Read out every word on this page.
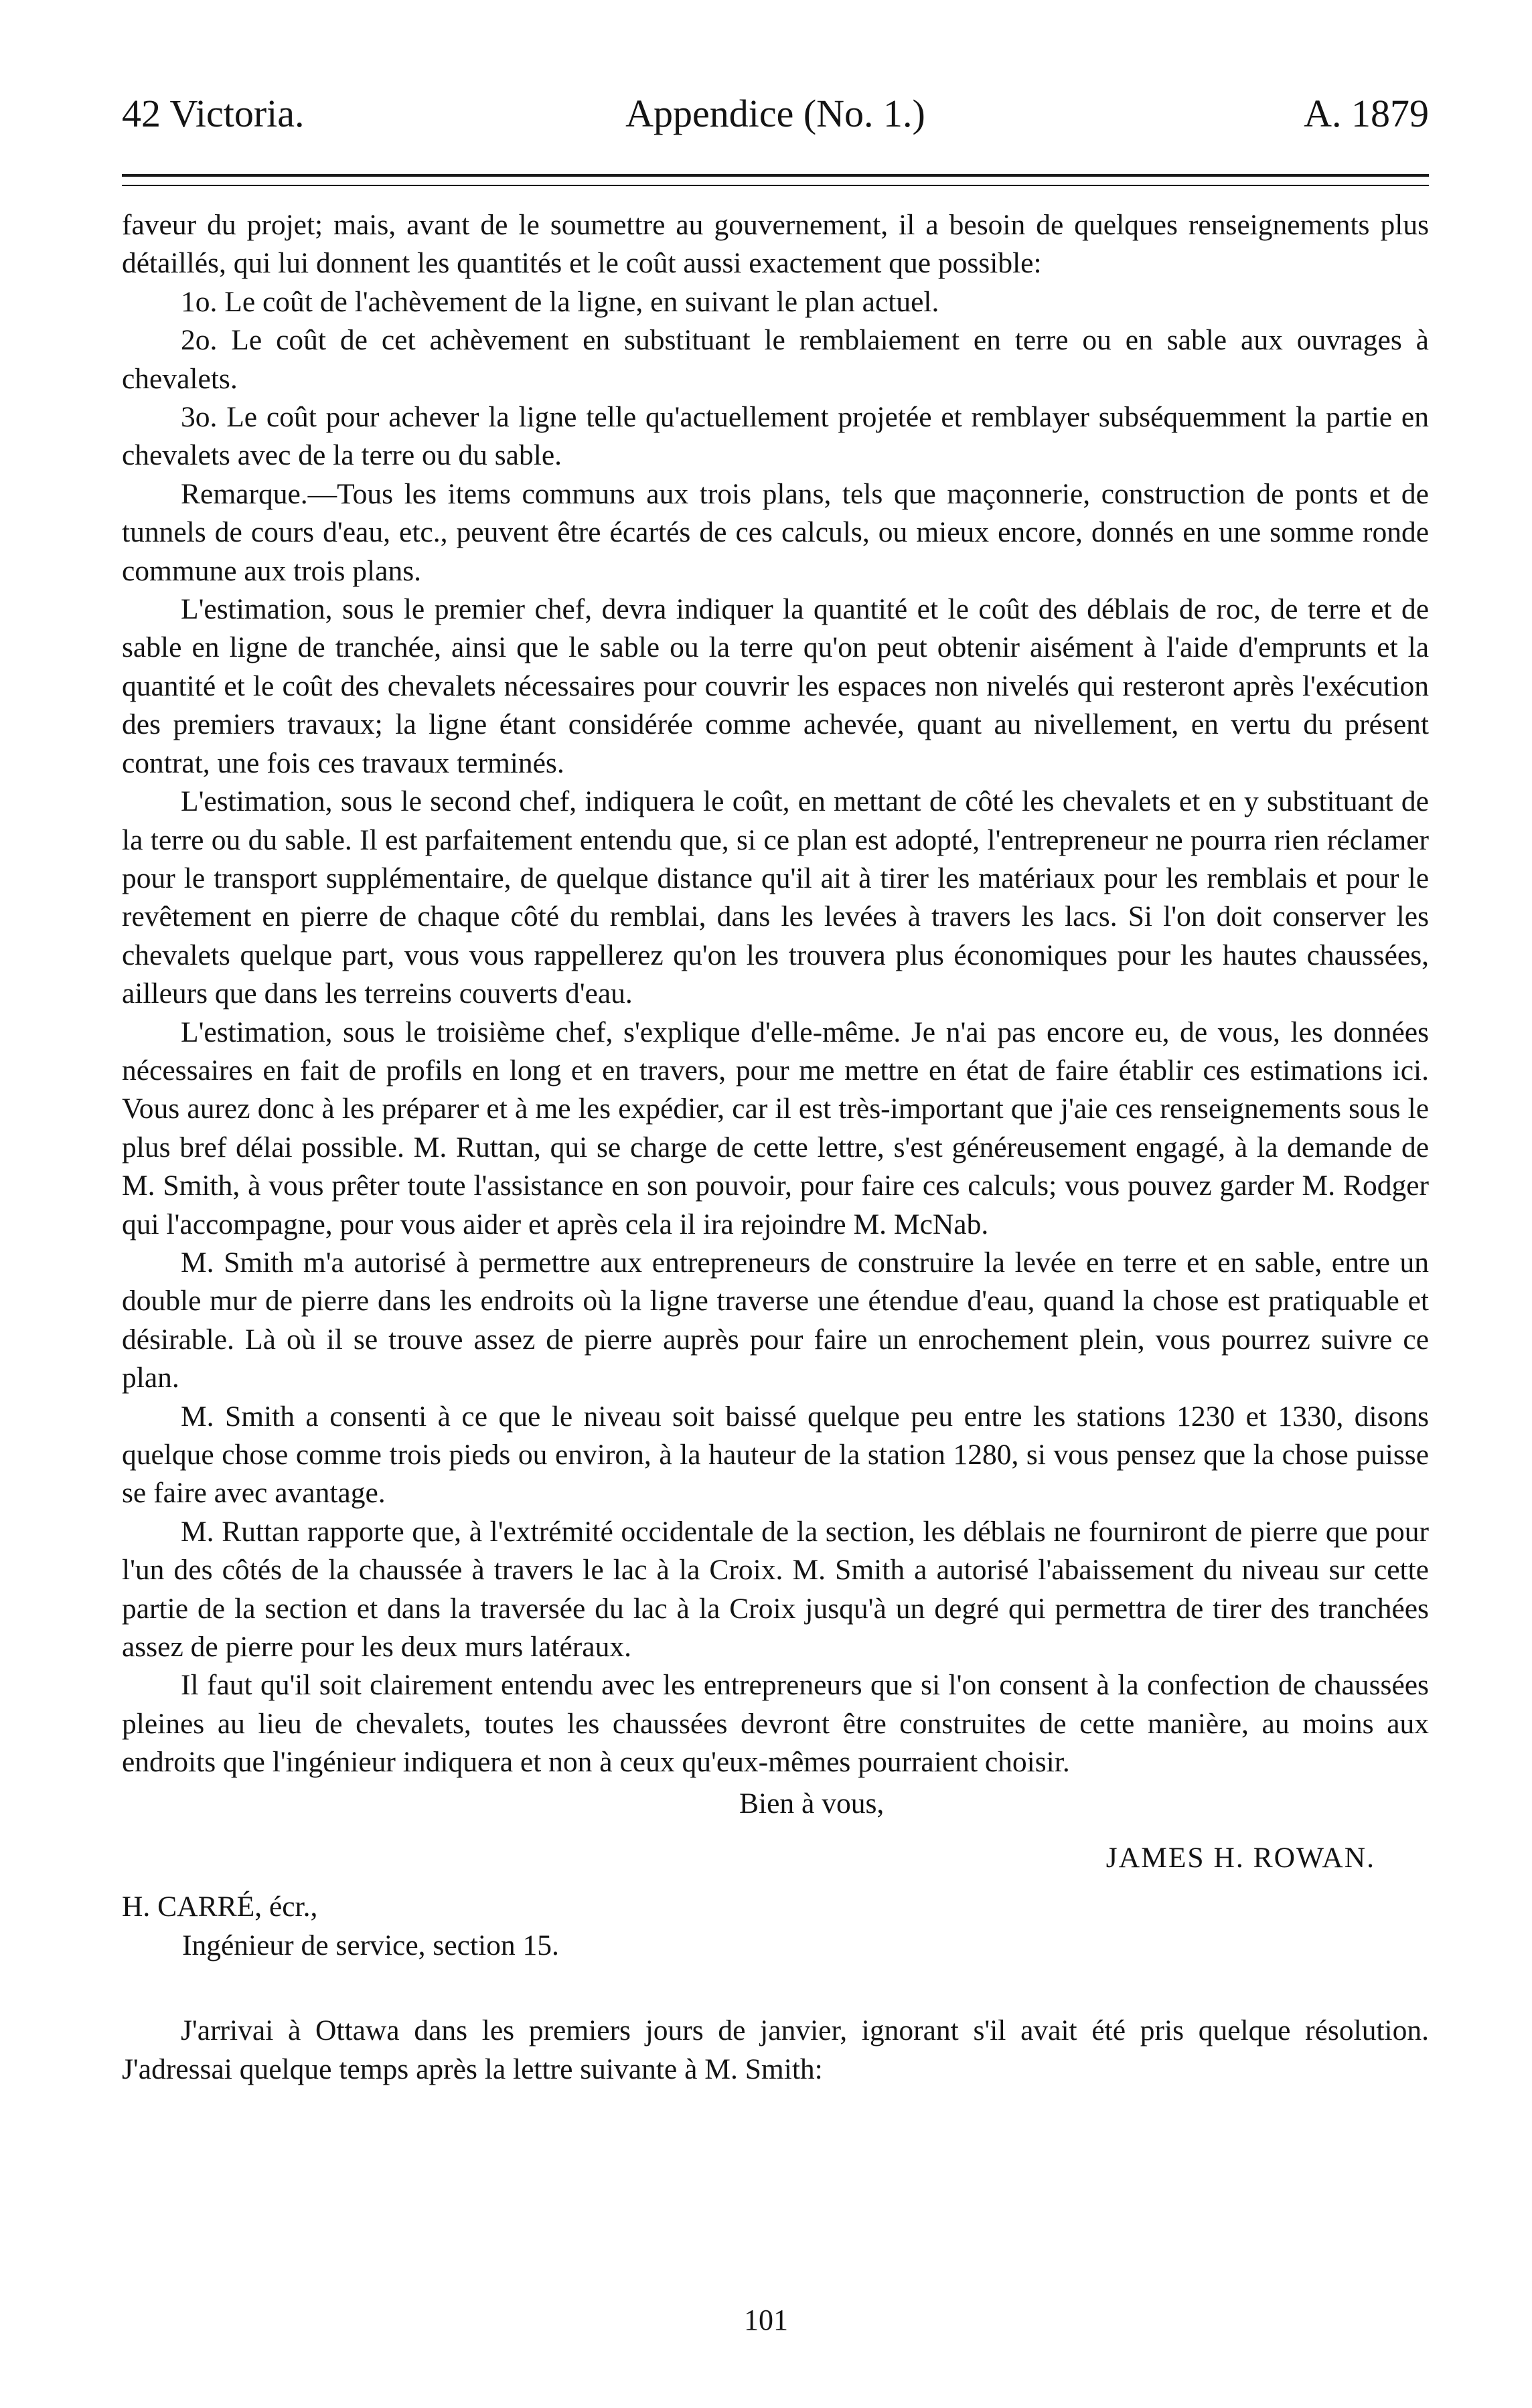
42 Victoria.	Appendice (No. 1.)	A. 1879

faveur du projet; mais, avant de le soumettre au gouvernement, il a besoin de quelques renseignements plus détaillés, qui lui donnent les quantités et le coût aussi exactement que possible:

1o. Le coût de l'achèvement de la ligne, en suivant le plan actuel.

2o. Le coût de cet achèvement en substituant le remblaiement en terre ou en sable aux ouvrages à chevalets.

3o. Le coût pour achever la ligne telle qu'actuellement projetée et remblayer subséquemment la partie en chevalets avec de la terre ou du sable.

Remarque.—Tous les items communs aux trois plans, tels que maçonnerie, construction de ponts et de tunnels de cours d'eau, etc., peuvent être écartés de ces calculs, ou mieux encore, donnés en une somme ronde commune aux trois plans.

L'estimation, sous le premier chef, devra indiquer la quantité et le coût des déblais de roc, de terre et de sable en ligne de tranchée, ainsi que le sable ou la terre qu'on peut obtenir aisément à l'aide d'emprunts et la quantité et le coût des chevalets nécessaires pour couvrir les espaces non nivelés qui resteront après l'exécution des premiers travaux; la ligne étant considérée comme achevée, quant au nivellement, en vertu du présent contrat, une fois ces travaux terminés.

L'estimation, sous le second chef, indiquera le coût, en mettant de côté les chevalets et en y substituant de la terre ou du sable. Il est parfaitement entendu que, si ce plan est adopté, l'entrepreneur ne pourra rien réclamer pour le transport supplémentaire, de quelque distance qu'il ait à tirer les matériaux pour les remblais et pour le revêtement en pierre de chaque côté du remblai, dans les levées à travers les lacs. Si l'on doit conserver les chevalets quelque part, vous vous rappellerez qu'on les trouvera plus économiques pour les hautes chaussées, ailleurs que dans les terreins couverts d'eau.

L'estimation, sous le troisième chef, s'explique d'elle-même. Je n'ai pas encore eu, de vous, les données nécessaires en fait de profils en long et en travers, pour me mettre en état de faire établir ces estimations ici. Vous aurez donc à les préparer et à me les expédier, car il est très-important que j'aie ces renseignements sous le plus bref délai possible. M. Ruttan, qui se charge de cette lettre, s'est généreusement engagé, à la demande de M. Smith, à vous prêter toute l'assistance en son pouvoir, pour faire ces calculs; vous pouvez garder M. Rodger qui l'accompagne, pour vous aider et après cela il ira rejoindre M. McNab.

M. Smith m'a autorisé à permettre aux entrepreneurs de construire la levée en terre et en sable, entre un double mur de pierre dans les endroits où la ligne traverse une étendue d'eau, quand la chose est pratiquable et désirable. Là où il se trouve assez de pierre auprès pour faire un enrochement plein, vous pourrez suivre ce plan.

M. Smith a consenti à ce que le niveau soit baissé quelque peu entre les stations 1230 et 1330, disons quelque chose comme trois pieds ou environ, à la hauteur de la station 1280, si vous pensez que la chose puisse se faire avec avantage.

M. Ruttan rapporte que, à l'extrémité occidentale de la section, les déblais ne fourniront de pierre que pour l'un des côtés de la chaussée à travers le lac à la Croix. M. Smith a autorisé l'abaissement du niveau sur cette partie de la section et dans la traversée du lac à la Croix jusqu'à un degré qui permettra de tirer des tranchées assez de pierre pour les deux murs latéraux.

Il faut qu'il soit clairement entendu avec les entrepreneurs que si l'on consent à la confection de chaussées pleines au lieu de chevalets, toutes les chaussées devront être construites de cette manière, au moins aux endroits que l'ingénieur indiquera et non à ceux qu'eux-mêmes pourraient choisir.

Bien à vous,

JAMES H. ROWAN.

H. CARRÉ, écr.,

Ingénieur de service, section 15.

J'arrivai à Ottawa dans les premiers jours de janvier, ignorant s'il avait été pris quelque résolution. J'adressai quelque temps après la lettre suivante à M. Smith:

101
